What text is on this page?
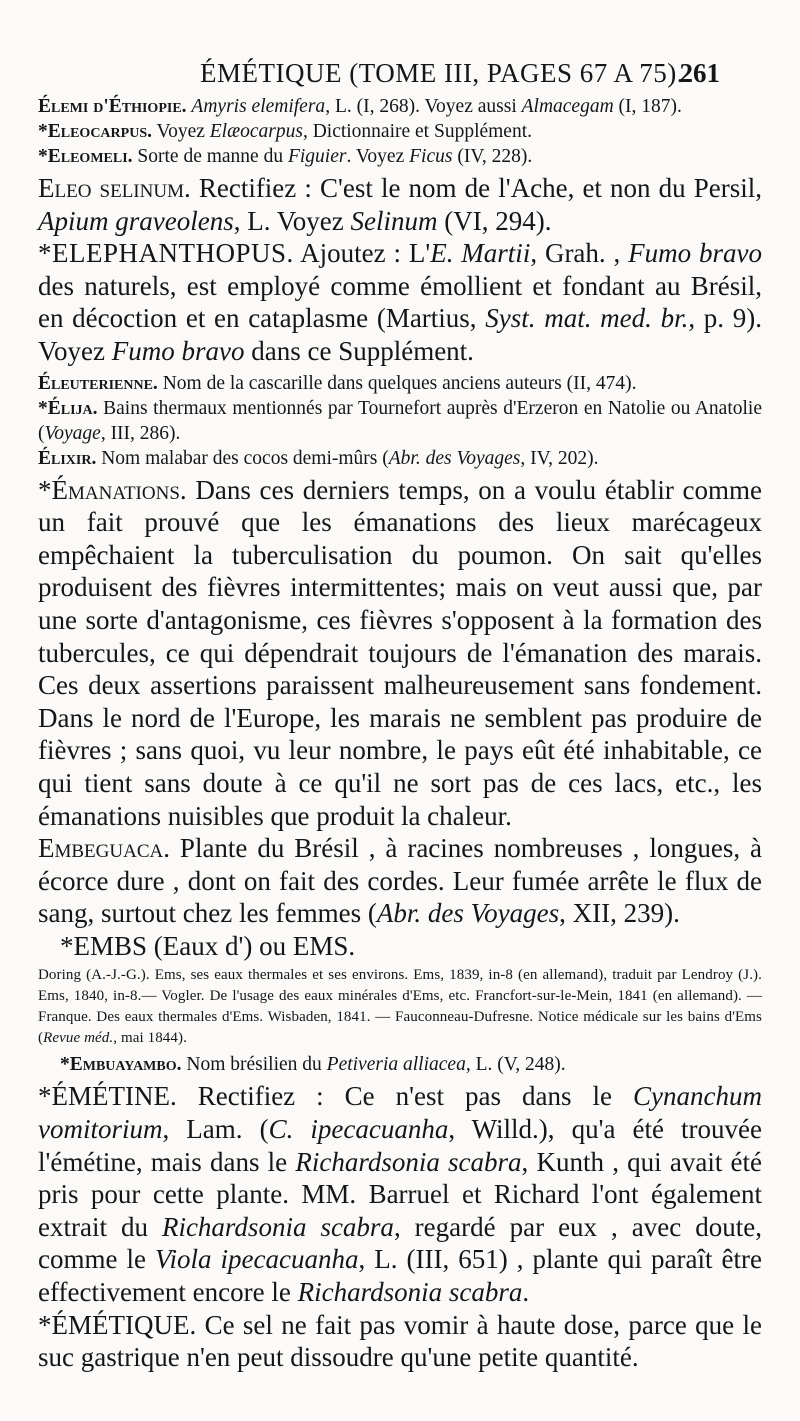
ÉMÉTIQUE (TOME III, PAGES 67 A 75).
261

Élemi d'Éthiopie. Amyris elemifera, L. (I, 268). Voyez aussi Almacegam (I, 187).

*Eleocarpus. Voyez Elæocarpus, Dictionnaire et Supplément.

*Eleomeli. Sorte de manne du Figuier. Voyez Ficus (IV, 228).

Eleo selinum. Rectifiez : C'est le nom de l'Ache, et non du Persil, Apium graveolens, L. Voyez Selinum (VI, 294).

*ELEPHANTHOPUS. Ajoutez : L'E. Martii, Grah. , Fumo bravo des naturels, est employé comme émollient et fondant au Brésil, en décoction et en cataplasme (Martius, Syst. mat. med. br., p. 9). Voyez Fumo bravo dans ce Supplément.

Éleuterienne. Nom de la cascarille dans quelques anciens auteurs (II, 474).

*Élija. Bains thermaux mentionnés par Tournefort auprès d'Erzeron en Natolie ou Anatolie (Voyage, III, 286).

Élixir. Nom malabar des cocos demi-mûrs (Abr. des Voyages, IV, 202).

*Émanations. Dans ces derniers temps, on a voulu établir comme un fait prouvé que les émanations des lieux marécageux empêchaient la tuberculisation du poumon. On sait qu'elles produisent des fièvres intermittentes; mais on veut aussi que, par une sorte d'antagonisme, ces fièvres s'opposent à la formation des tubercules, ce qui dépendrait toujours de l'émanation des marais. Ces deux assertions paraissent malheureusement sans fondement. Dans le nord de l'Europe, les marais ne semblent pas produire de fièvres ; sans quoi, vu leur nombre, le pays eût été inhabitable, ce qui tient sans doute à ce qu'il ne sort pas de ces lacs, etc., les émanations nuisibles que produit la chaleur.

Embeguaca. Plante du Brésil , à racines nombreuses , longues, à écorce dure , dont on fait des cordes. Leur fumée arrête le flux de sang, surtout chez les femmes (Abr. des Voyages, XII, 239).

*EMBS (Eaux d') ou EMS.

Doring (A.-J.-G.). Ems, ses eaux thermales et ses environs. Ems, 1839, in-8 (en allemand), traduit par Lendroy (J.). Ems, 1840, in-8.— Vogler. De l'usage des eaux minérales d'Ems, etc. Francfort-sur-le-Mein, 1841 (en allemand). — Franque. Des eaux thermales d'Ems. Wisbaden, 1841. — Fauconneau-Dufresne. Notice médicale sur les bains d'Ems (Revue méd., mai 1844).

*Embuayambo. Nom brésilien du Petiveria alliacea, L. (V, 248).

*ÉMÉTINE. Rectifiez : Ce n'est pas dans le Cynanchum vomitorium, Lam. (C. ipecacuanha, Willd.), qu'a été trouvée l'émétine, mais dans le Richardsonia scabra, Kunth , qui avait été pris pour cette plante. MM. Barruel et Richard l'ont également extrait du Richardsonia scabra, regardé par eux , avec doute, comme le Viola ipecacuanha, L. (III, 651) , plante qui paraît être effectivement encore le Richardsonia scabra.

*ÉMÉTIQUE. Ce sel ne fait pas vomir à haute dose, parce que le suc gastrique n'en peut dissoudre qu'une petite quantité.
